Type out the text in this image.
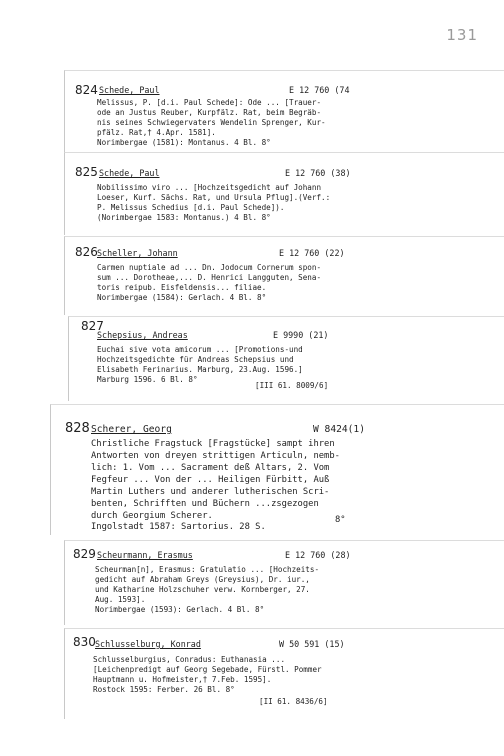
131
824 Schede, Paul	E 12 760 (74
Melissus, P. [d.i. Paul Schede]: Ode ... [Trauer-
ode an Justus Reuber, Kurpfälz. Rat, beim Begräb-
nis seines Schwiegervaters Wendelin Sprenger, Kur-
pfälz. Rat,† 4.Apr. 1581].
Norimbergae (1581): Montanus. 4 Bl. 8°
825 Schede, Paul	E 12 760 (38)
Nobilissimo viro ... [Hochzeitsgedicht auf Johann
Loeser, Kurf. Sächs. Rat, und Ursula Pflug].(Verf.:
P. Melissus Schedius [d.i. Paul Schede]).
(Norimbergae 1583: Montanus.) 4 Bl. 8°
826 Scheller, Johann	E 12 760 (22)
Carmen nuptiale ad ... Dn. Jodocum Cornerum spon-
sum ... Dorotheae,... D. Henrici Langguten, Sena-
toris reipub. Eisfeldensis... filiae.
Norimbergae (1584): Gerlach. 4 Bl. 8°
827
Schepsius, Andreas	E 9990 (21)
Euchai sive vota amicorum ... [Promotions-und
Hochzeitsgedichte für Andreas Schepsius und
Elisabeth Ferinarius. Marburg, 23.Aug. 1596.]
Marburg 1596. 6 Bl. 8°
[III 61. 8009/6]
828 Scherer, Georg	W 8424(1)
Christliche Fragstuck [Fragstücke] sampt ihren
Antworten von dreyen strittigen Articuln, nemb-
lich: 1. Vom ... Sacrament deß Altars, 2. Vom
Fegfeur ... Von der ... Heiligen Fürbitt, Auß
Martin Luthers und anderer lutherischen Scri-
benten, Schrifften und Büchern ...zsgezogen
durch Georgium Scherer.
Ingolstadt 1587: Sartorius. 28 S.
8°
829 Scheurmann, Erasmus	E 12 760 (28)
Scheurman[n], Erasmus: Gratulatio ... [Hochzeits-
gedicht auf Abraham Greys (Greysius), Dr. iur.,
und Katharine Holzschuher verw. Kornberger, 27.
Aug. 1593].
Norimbergae (1593): Gerlach. 4 Bl. 8°
830 Schlusselburg, Konrad	W 50 591 (15)
Schlusselburgius, Conradus: Euthanasia ...
[Leichenpredigt auf Georg Segebade, Fürstl. Pommer
Hauptmann u. Hofmeister,† 7.Feb. 1595].
Rostock 1595: Ferber. 26 Bl. 8°
[II 61. 8436/6]
